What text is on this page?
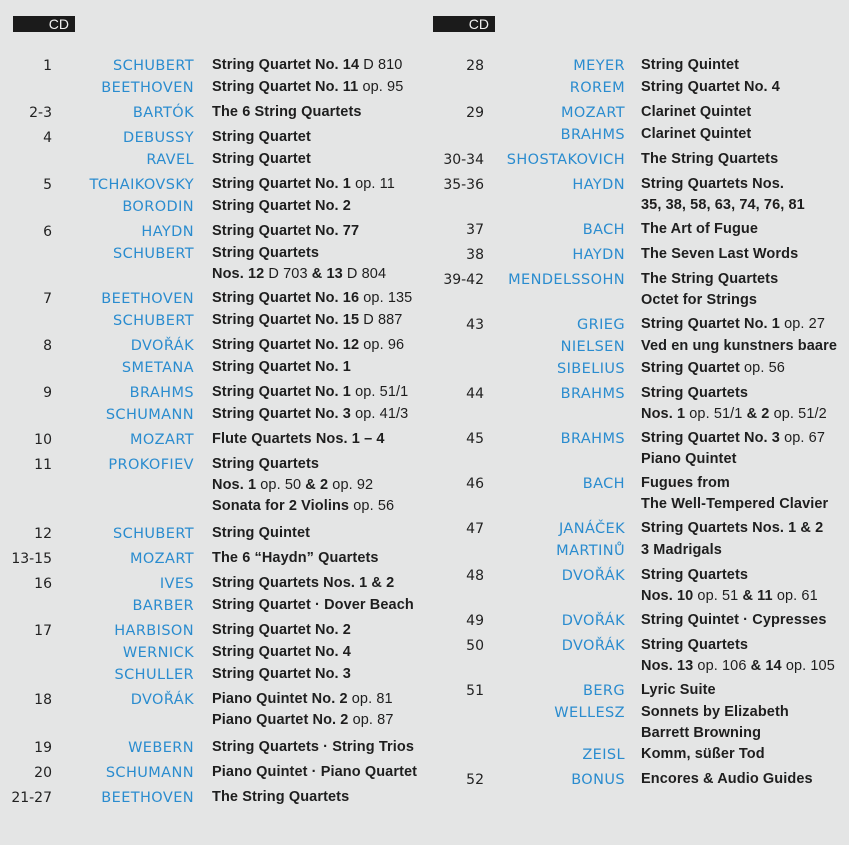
CD
1	SCHUBERT String Quartet No. 14 D 810
BEETHOVEN String Quartet No. 11 op. 95
2-3	BARTÓK The 6 String Quartets
4	DEBUSSY String Quartet
RAVEL String Quartet
5	TCHAIKOVSKY String Quartet No. 1 op. 11
BORODIN String Quartet No. 2
6	HAYDN String Quartet No. 77
SCHUBERT String Quartets
Nos. 12 D 703 & 13 D 804
7	BEETHOVEN String Quartet No. 16 op. 135
SCHUBERT String Quartet No. 15 D 887
8	DVOŘÁK String Quartet No. 12 op. 96
SMETANA String Quartet No. 1
9	BRAHMS String Quartet No. 1 op. 51/1
SCHUMANN String Quartet No. 3 op. 41/3
10	MOZART Flute Quartets Nos. 1 – 4
11	PROKOFIEV String Quartets
Nos. 1 op. 50 & 2 op. 92
Sonata for 2 Violins op. 56
12	SCHUBERT String Quintet
13-15	MOZART The 6 “Haydn” Quartets
16	IVES String Quartets Nos. 1 & 2
BARBER String Quartet · Dover Beach
17	HARBISON String Quartet No. 2
WERNICK String Quartet No. 4
SCHULLER String Quartet No. 3
18	DVOŘÁK Piano Quintet No. 2 op. 81
Piano Quartet No. 2 op. 87
19	WEBERN String Quartets · String Trios
20	SCHUMANN Piano Quintet · Piano Quartet
21-27	BEETHOVEN The String Quartets
CD
28	MEYER String Quintet
ROREM String Quartet No. 4
29	MOZART Clarinet Quintet
BRAHMS Clarinet Quintet
30-34	SHOSTAKOVICH The String Quartets
35-36	HAYDN String Quartets Nos.
35, 38, 58, 63, 74, 76, 81
37	BACH The Art of Fugue
38	HAYDN The Seven Last Words
39-42	MENDELSSOHN The String Quartets
Octet for Strings
43	GRIEG String Quartet No. 1 op. 27
NIELSEN Ved en ung kunstners baare
SIBELIUS String Quartet op. 56
44	BRAHMS String Quartets
Nos. 1 op. 51/1 & 2 op. 51/2
45	BRAHMS String Quartet No. 3 op. 67
Piano Quintet
46	BACH Fugues from
The Well-Tempered Clavier
47	JANÁČEK String Quartets Nos. 1 & 2
MARTINŮ 3 Madrigals
48	DVOŘÁK String Quartets
Nos. 10 op. 51 & 11 op. 61
49	DVOŘÁK String Quintet · Cypresses
50	DVOŘÁK String Quartets
Nos. 13 op. 106 & 14 op. 105
51	BERG Lyric Suite
WELLESZ Sonnets by Elizabeth
Barrett Browning
ZEISL Komm, süßer Tod
52	BONUS Encores & Audio Guides
